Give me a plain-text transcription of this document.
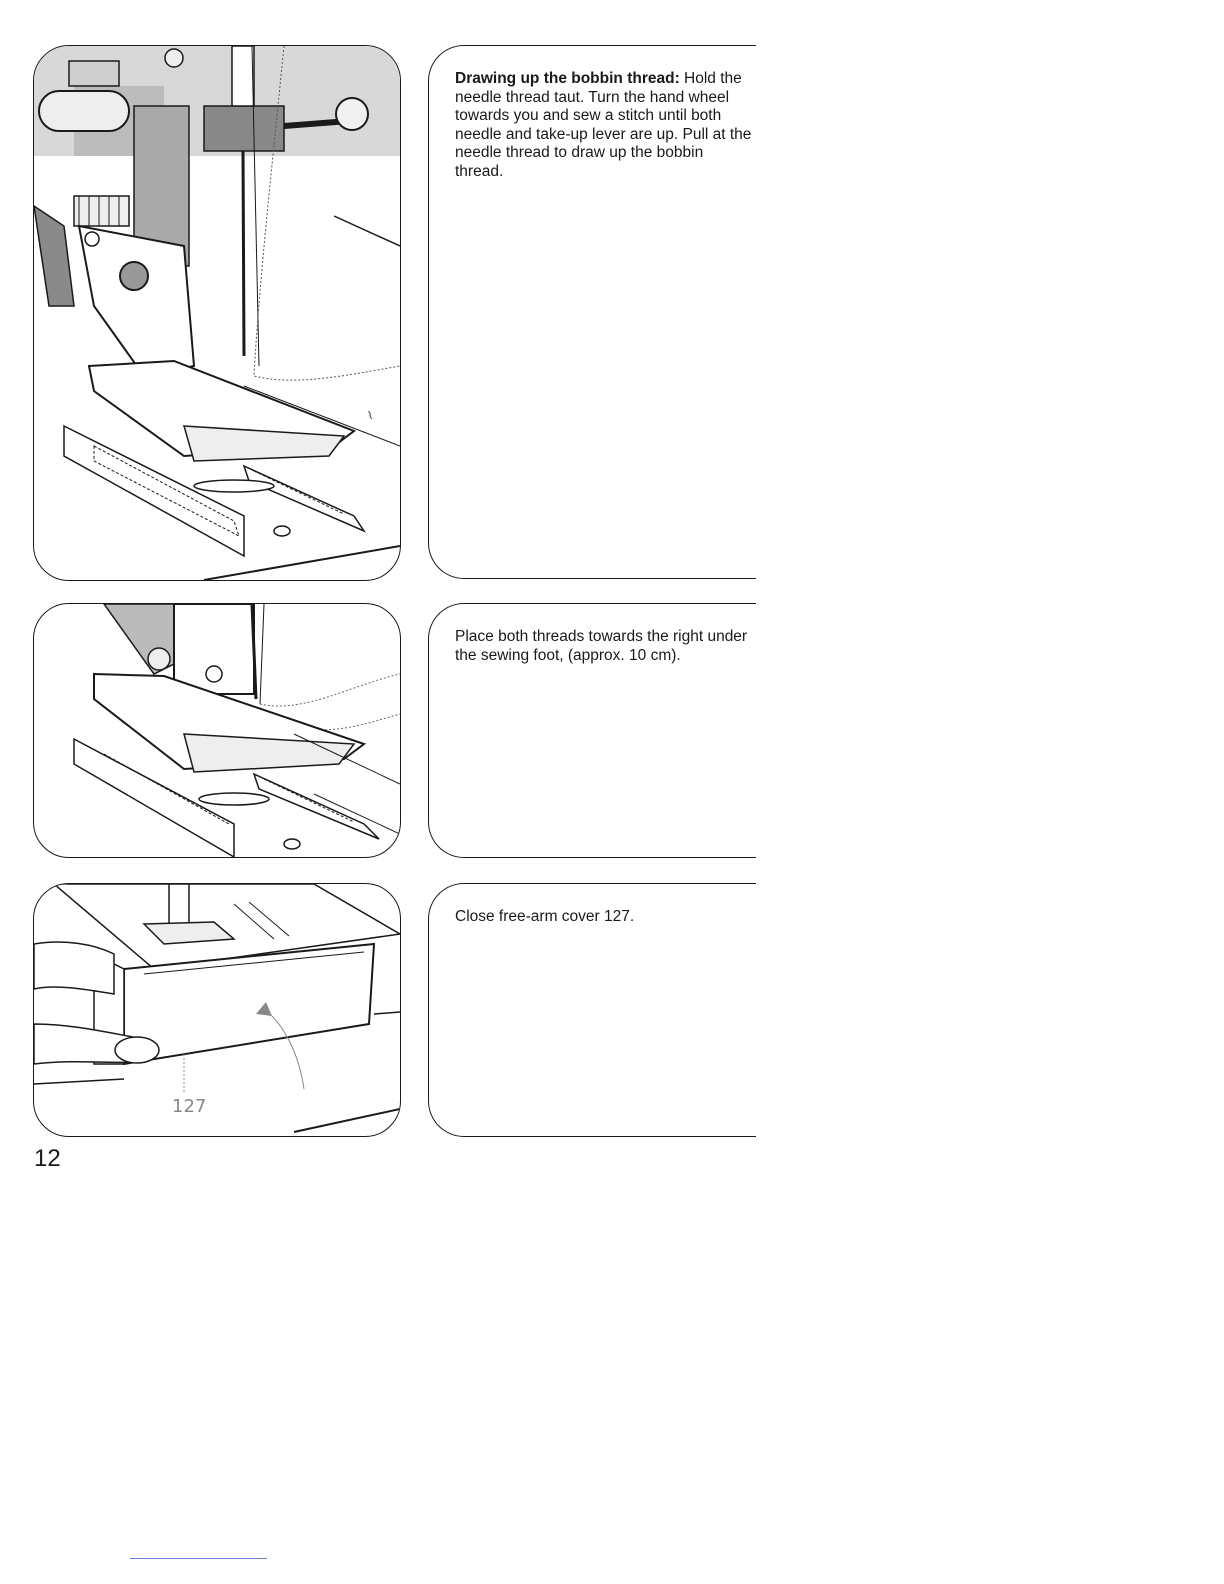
~
Drawing up the bobbin thread: Hold the needle thread taut. Turn the hand wheel towards you and sew a stitch until both needle and take-up lever are up. Pull at the needle thread to draw up the bobbin thread.
Place both threads towards the right under the sewing foot, (approx. 10 cm).
127
Close free-arm cover 127.
12
